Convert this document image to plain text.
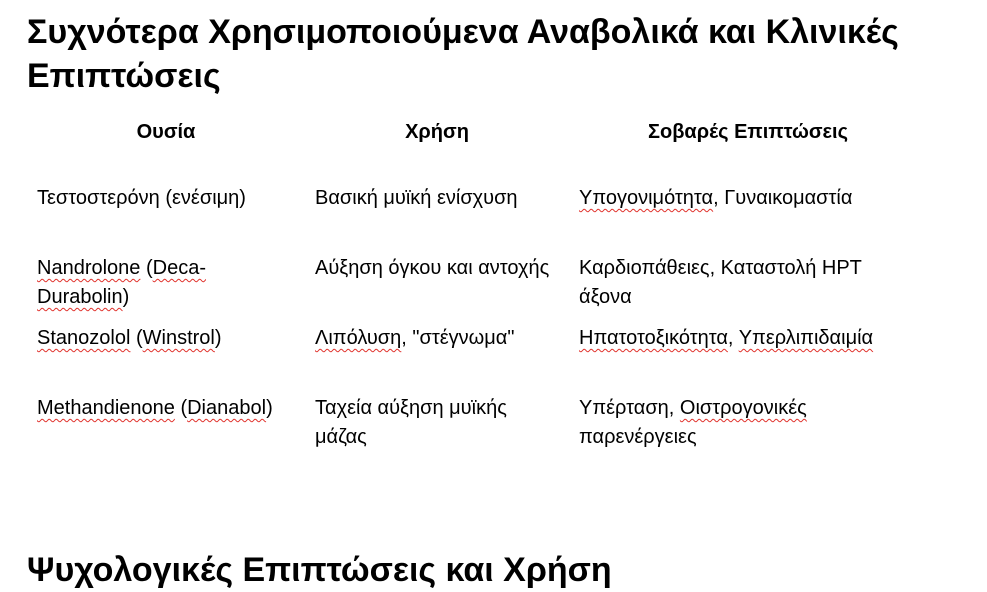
Συχνότερα Χρησιμοποιούμενα Αναβολικά και Κλινικές Επιπτώσεις
Ουσία	Χρήση	Σοβαρές Επιπτώσεις

Τεστοστερόνη (ενέσιμη)	Βασική μυϊκή ενίσχυση	Υπογονιμότητα, Γυναικομαστία
Nandrolone (Deca-Durabolin)	Αύξηση όγκου και αντοχής	Καρδιοπάθειες, Καταστολή HPT άξονα
Stanozolol (Winstrol)	Λιπόλυση, "στέγνωμα"	Ηπατοτοξικότητα, Υπερλιπιδαιμία
Methandienone (Dianabol)	Ταχεία αύξηση μυϊκής μάζας	Υπέρταση, Οιστρογονικές παρενέργειες
Ψυχολογικές Επιπτώσεις και Χρήση
